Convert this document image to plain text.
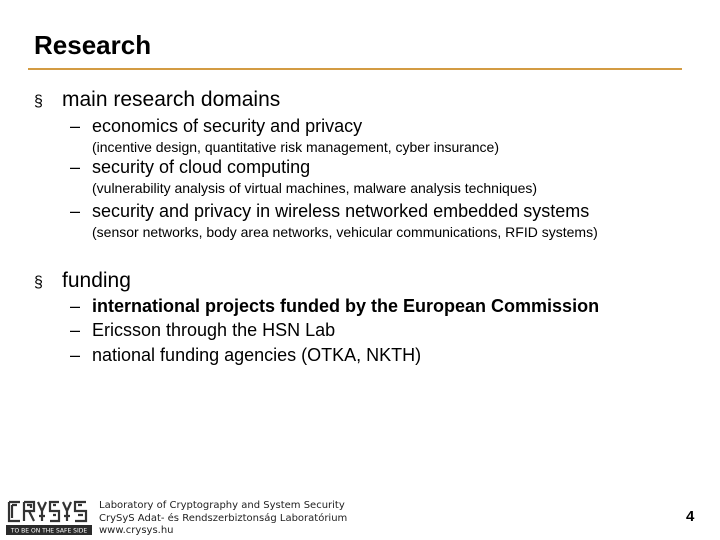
Research
§ main research domains
– economics of security and privacy
(incentive design, quantitative risk management, cyber insurance)
– security of cloud computing
(vulnerability analysis of virtual machines, malware analysis techniques)
– security and privacy in wireless networked embedded systems
(sensor networks, body area networks, vehicular communications, RFID systems)
§ funding
– international projects funded by the European Commission
– Ericsson through the HSN Lab
– national funding agencies (OTKA, NKTH)
TO BE ON THE SAFE SIDE
Laboratory of Cryptography and System Security
CrySyS Adat- és Rendszerbiztonság Laboratórium
www.crysys.hu
4
